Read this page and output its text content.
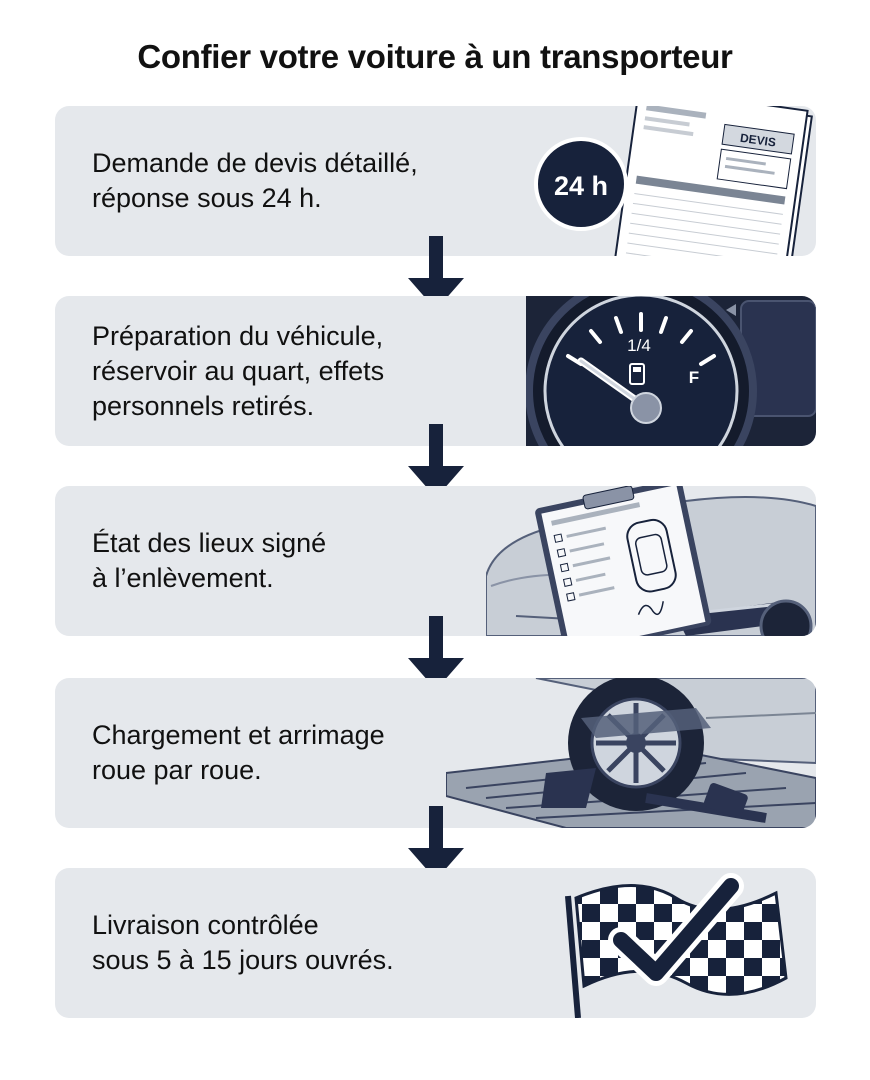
Confier votre voiture à un transporteur
Demande de devis détaillé,
réponse sous 24 h.
DEVIS
24 h
Préparation du véhicule,
réservoir au quart, effets
personnels retirés.
1/4
F
État des lieux signé
à l’enlèvement.
Chargement et arrimage
roue par roue.
Livraison contrôlée
sous 5 à 15 jours ouvrés.
